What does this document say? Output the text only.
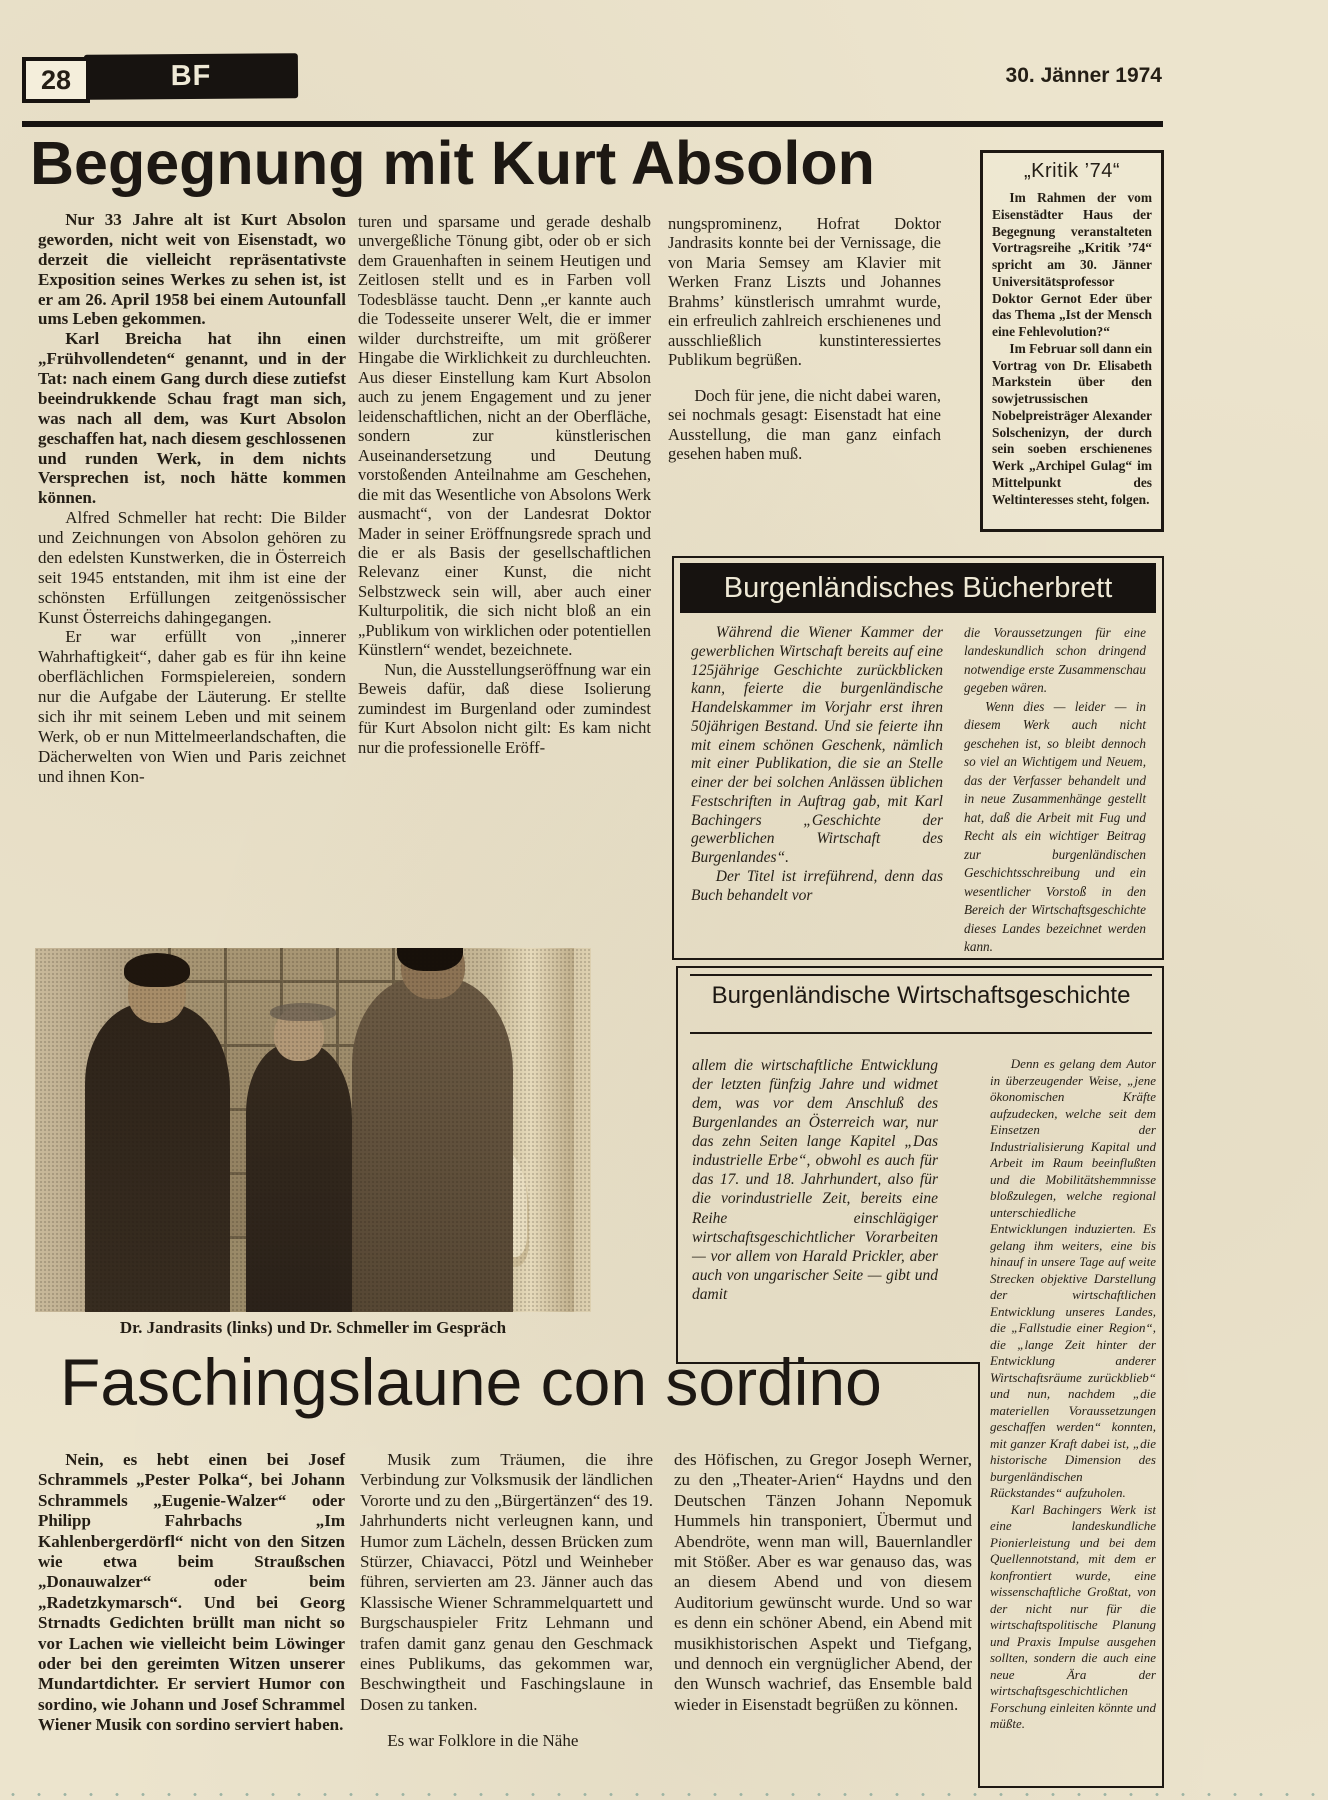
28	BF	30. Jänner 1974
Begegnung mit Kurt Absolon

Nur 33 Jahre alt ist Kurt Absolon geworden, nicht weit von Eisenstadt, wo derzeit die vielleicht repräsentativste Exposition seines Werkes zu sehen ist, ist er am 26. April 1958 bei einem Autounfall ums Leben gekommen.

Karl Breicha hat ihn einen „Frühvollendeten“ genannt, und in der Tat: nach einem Gang durch diese zutiefst beeindrukkende Schau fragt man sich, was nach all dem, was Kurt Absolon geschaffen hat, nach diesem geschlossenen und runden Werk, in dem nichts Versprechen ist, noch hätte kommen können.

Alfred Schmeller hat recht: Die Bilder und Zeichnungen von Absolon gehören zu den edelsten Kunstwerken, die in Österreich seit 1945 entstanden, mit ihm ist eine der schönsten Erfüllungen zeitgenössischer Kunst Österreichs dahingegangen.

Er war erfüllt von „innerer Wahrhaftigkeit“, daher gab es für ihn keine oberflächlichen Formspielereien, sondern nur die Aufgabe der Läuterung. Er stellte sich ihr mit seinem Leben und mit seinem Werk, ob er nun Mittelmeerlandschaften, die Dächerwelten von Wien und Paris zeichnet und ihnen Kon-

turen und sparsame und gerade deshalb unvergeßliche Tönung gibt, oder ob er sich dem Grauenhaften in seinem Heutigen und Zeitlosen stellt und es in Farben voll Todesblässe taucht. Denn „er kannte auch die Todesseite unserer Welt, die er immer wilder durchstreifte, um mit größerer Hingabe die Wirklichkeit zu durchleuchten. Aus dieser Einstellung kam Kurt Absolon auch zu jenem Engagement und zu jener leidenschaftlichen, nicht an der Oberfläche, sondern zur künstlerischen Auseinandersetzung und Deutung vorstoßenden Anteilnahme am Geschehen, die mit das Wesentliche von Absolons Werk ausmacht“, von der Landesrat Doktor Mader in seiner Eröffnungsrede sprach und die er als Basis der gesellschaftlichen Relevanz einer Kunst, die nicht Selbstzweck sein will, aber auch einer Kulturpolitik, die sich nicht bloß an ein „Publikum von wirklichen oder potentiellen Künstlern“ wendet, bezeichnete.

Nun, die Ausstellungseröffnung war ein Beweis dafür, daß diese Isolierung zumindest im Burgenland oder zumindest für Kurt Absolon nicht gilt: Es kam nicht nur die professionelle Eröff-

nungsprominenz, Hofrat Doktor Jandrasits konnte bei der Vernissage, die von Maria Semsey am Klavier mit Werken Franz Liszts und Johannes Brahms’ künstlerisch umrahmt wurde, ein erfreulich zahlreich erschienenes und ausschließlich kunstinteressiertes Publikum begrüßen.

Doch für jene, die nicht dabei waren, sei nochmals gesagt: Eisenstadt hat eine Ausstellung, die man ganz einfach gesehen haben muß.

„Kritik ’74“

Im Rahmen der vom Eisenstädter Haus der Begegnung veranstalteten Vortragsreihe „Kritik ’74“ spricht am 30. Jänner Universitätsprofessor Doktor Gernot Eder über das Thema „Ist der Mensch eine Fehlevolution?“

Im Februar soll dann ein Vortrag von Dr. Elisabeth Markstein über den sowjetrussischen Nobelpreisträger Alexander Solschenizyn, der durch sein soeben erschienenes Werk „Archipel Gulag“ im Mittelpunkt des Weltinteresses steht, folgen.

Burgenländisches Bücherbrett

Während die Wiener Kammer der gewerblichen Wirtschaft bereits auf eine 125jährige Geschichte zurückblicken kann, feierte die burgenländische Handelskammer im Vorjahr erst ihren 50jährigen Bestand. Und sie feierte ihn mit einem schönen Geschenk, nämlich mit einer Publikation, die sie an Stelle einer der bei solchen Anlässen üblichen Festschriften in Auftrag gab, mit Karl Bachingers „Geschichte der gewerblichen Wirtschaft des Burgenlandes“.

Der Titel ist irreführend, denn das Buch behandelt vor

die Voraussetzungen für eine landeskundlich schon dringend notwendige erste Zusammenschau gegeben wären.

Wenn dies — leider — in diesem Werk auch nicht geschehen ist, so bleibt dennoch so viel an Wichtigem und Neuem, das der Verfasser behandelt und in neue Zusammenhänge gestellt hat, daß die Arbeit mit Fug und Recht als ein wichtiger Beitrag zur burgenländischen Geschichtsschreibung und ein wesentlicher Vorstoß in den Bereich der Wirtschaftsgeschichte dieses Landes bezeichnet werden kann.

Burgenländische Wirtschaftsgeschichte

allem die wirtschaftliche Entwicklung der letzten fünfzig Jahre und widmet dem, was vor dem Anschluß des Burgenlandes an Österreich war, nur das zehn Seiten lange Kapitel „Das industrielle Erbe“, obwohl es auch für das 17. und 18. Jahrhundert, also für die vorindustrielle Zeit, bereits eine Reihe einschlägiger wirtschaftsgeschichtlicher Vorarbeiten — vor allem von Harald Prickler, aber auch von ungarischer Seite — gibt und damit

Denn es gelang dem Autor in überzeugender Weise, „jene ökonomischen Kräfte aufzudecken, welche seit dem Einsetzen der Industrialisierung Kapital und Arbeit im Raum beeinflußten und die Mobilitätshemmnisse bloßzulegen, welche regional unterschiedliche Entwicklungen induzierten. Es gelang ihm weiters, eine bis hinauf in unsere Tage auf weite Strecken objektive Darstellung der wirtschaftlichen Entwicklung unseres Landes, die „Fallstudie einer Region“, die „lange Zeit hinter der Entwicklung anderer Wirtschaftsräume zurückblieb“ und nun, nachdem „die materiellen Voraussetzungen geschaffen werden“ konnten, mit ganzer Kraft dabei ist, „die historische Dimension des burgenländischen Rückstandes“ aufzuholen.

Karl Bachingers Werk ist eine landeskundliche Pionierleistung und bei dem Quellennotstand, mit dem er konfrontiert wurde, eine wissenschaftliche Großtat, von der nicht nur für die wirtschaftspolitische Planung und Praxis Impulse ausgehen sollten, sondern die auch eine neue Ära der wirtschaftsgeschichtlichen Forschung einleiten könnte und müßte.

Dr. Jandrasits (links) und Dr. Schmeller im Gespräch
Faschingslaune con sordino

Nein, es hebt einen bei Josef Schrammels „Pester Polka“, bei Johann Schrammels „Eugenie-Walzer“ oder Philipp Fahrbachs „Im Kahlenbergerdörfl“ nicht von den Sitzen wie etwa beim Straußschen „Donauwalzer“ oder beim „Radetzkymarsch“. Und bei Georg Strnadts Gedichten brüllt man nicht so vor Lachen wie vielleicht beim Löwinger oder bei den gereimten Witzen unserer Mundartdichter. Er serviert Humor con sordino, wie Johann und Josef Schrammel Wiener Musik con sordino serviert haben.

Musik zum Träumen, die ihre Verbindung zur Volksmusik der ländlichen Vororte und zu den „Bürgertänzen“ des 19. Jahrhunderts nicht verleugnen kann, und Humor zum Lächeln, dessen Brücken zum Stürzer, Chiavacci, Pötzl und Weinheber führen, servierten am 23. Jänner auch das Klassische Wiener Schrammelquartett und Burgschauspieler Fritz Lehmann und trafen damit ganz genau den Geschmack eines Publikums, das gekommen war, Beschwingtheit und Faschingslaune in Dosen zu tanken.

Es war Folklore in die Nähe

des Höfischen, zu Gregor Joseph Werner, zu den „Theater-Arien“ Haydns und den Deutschen Tänzen Johann Nepomuk Hummels hin transponiert, Übermut und Abendröte, wenn man will, Bauernlandler mit Stößer. Aber es war genauso das, was an diesem Abend und von diesem Auditorium gewünscht wurde. Und so war es denn ein schöner Abend, ein Abend mit musikhistorischen Aspekt und Tiefgang, und dennoch ein vergnüglicher Abend, der den Wunsch wachrief, das Ensemble bald wieder in Eisenstadt begrüßen zu können.
